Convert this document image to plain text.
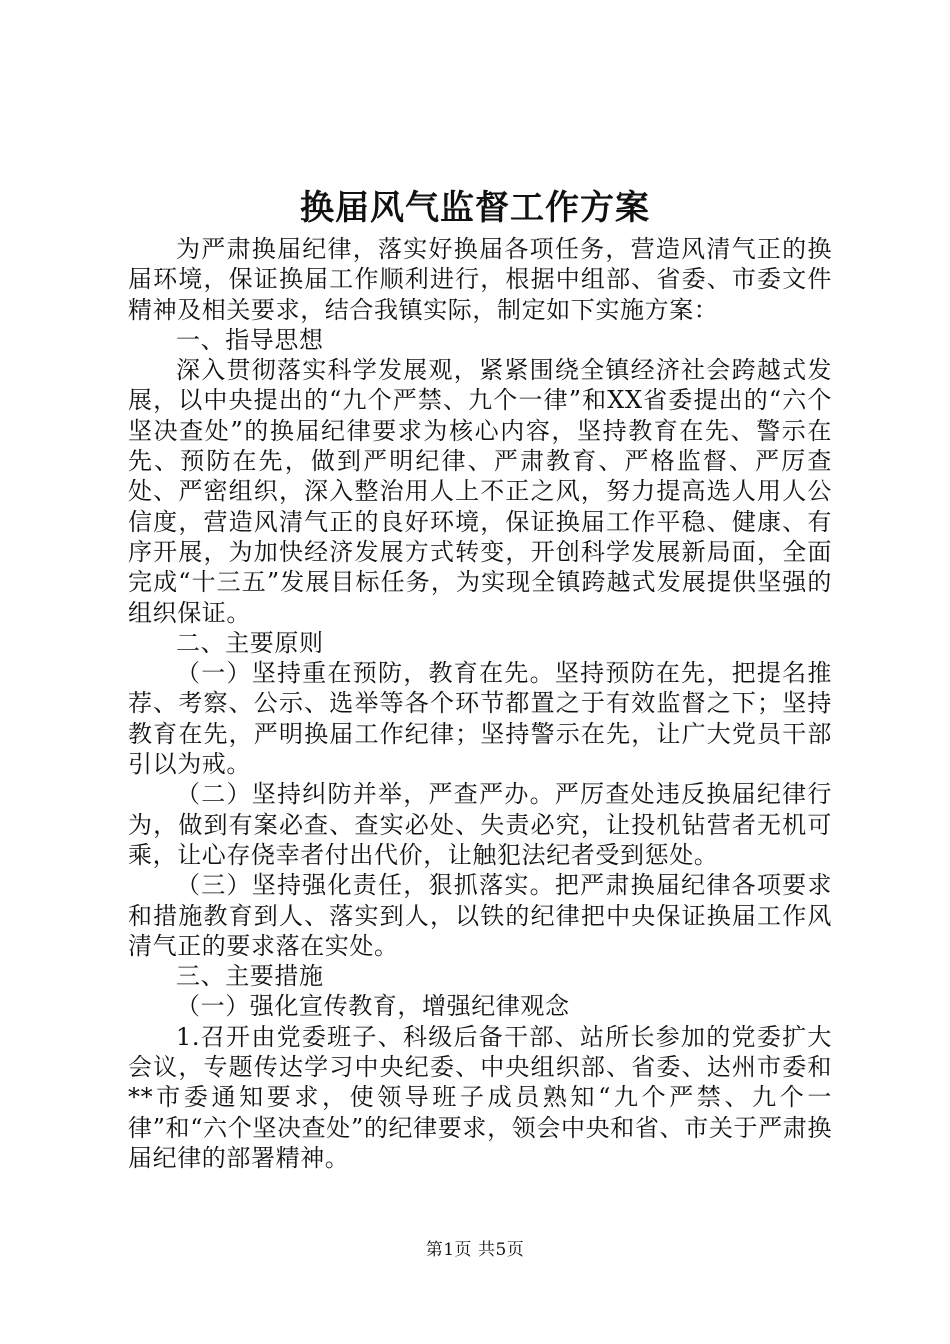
换届风气监督工作方案

为严肃换届纪律，落实好换届各项任务，营造风清气正的换届环境，保证换届工作顺利进行，根据中组部、省委、市委文件精神及相关要求，结合我镇实际，制定如下实施方案：

一、指导思想

深入贯彻落实科学发展观，紧紧围绕全镇经济社会跨越式发展，以中央提出的“九个严禁、九个一律”和XX省委提出的“六个坚决查处”的换届纪律要求为核心内容，坚持教育在先、警示在先、预防在先，做到严明纪律、严肃教育、严格监督、严厉查处、严密组织，深入整治用人上不正之风，努力提高选人用人公信度，营造风清气正的良好环境，保证换届工作平稳、健康、有序开展，为加快经济发展方式转变，开创科学发展新局面，全面完成“十三五”发展目标任务，为实现全镇跨越式发展提供坚强的组织保证。

二、主要原则

（一）坚持重在预防，教育在先。坚持预防在先，把提名推荐、考察、公示、选举等各个环节都置之于有效监督之下；坚持教育在先，严明换届工作纪律；坚持警示在先，让广大党员干部引以为戒。

（二）坚持纠防并举，严查严办。严厉查处违反换届纪律行为，做到有案必查、查实必处、失责必究，让投机钻营者无机可乘，让心存侥幸者付出代价，让触犯法纪者受到惩处。

（三）坚持强化责任，狠抓落实。把严肃换届纪律各项要求和措施教育到人、落实到人，以铁的纪律把中央保证换届工作风清气正的要求落在实处。

三、主要措施

（一）强化宣传教育，增强纪律观念

1.召开由党委班子、科级后备干部、站所长参加的党委扩大会议，专题传达学习中央纪委、中央组织部、省委、达州市委和**市委通知要求，使领导班子成员熟知“九个严禁、九个一律”和“六个坚决查处”的纪律要求，领会中央和省、市关于严肃换届纪律的部署精神。

第1页 共5页
